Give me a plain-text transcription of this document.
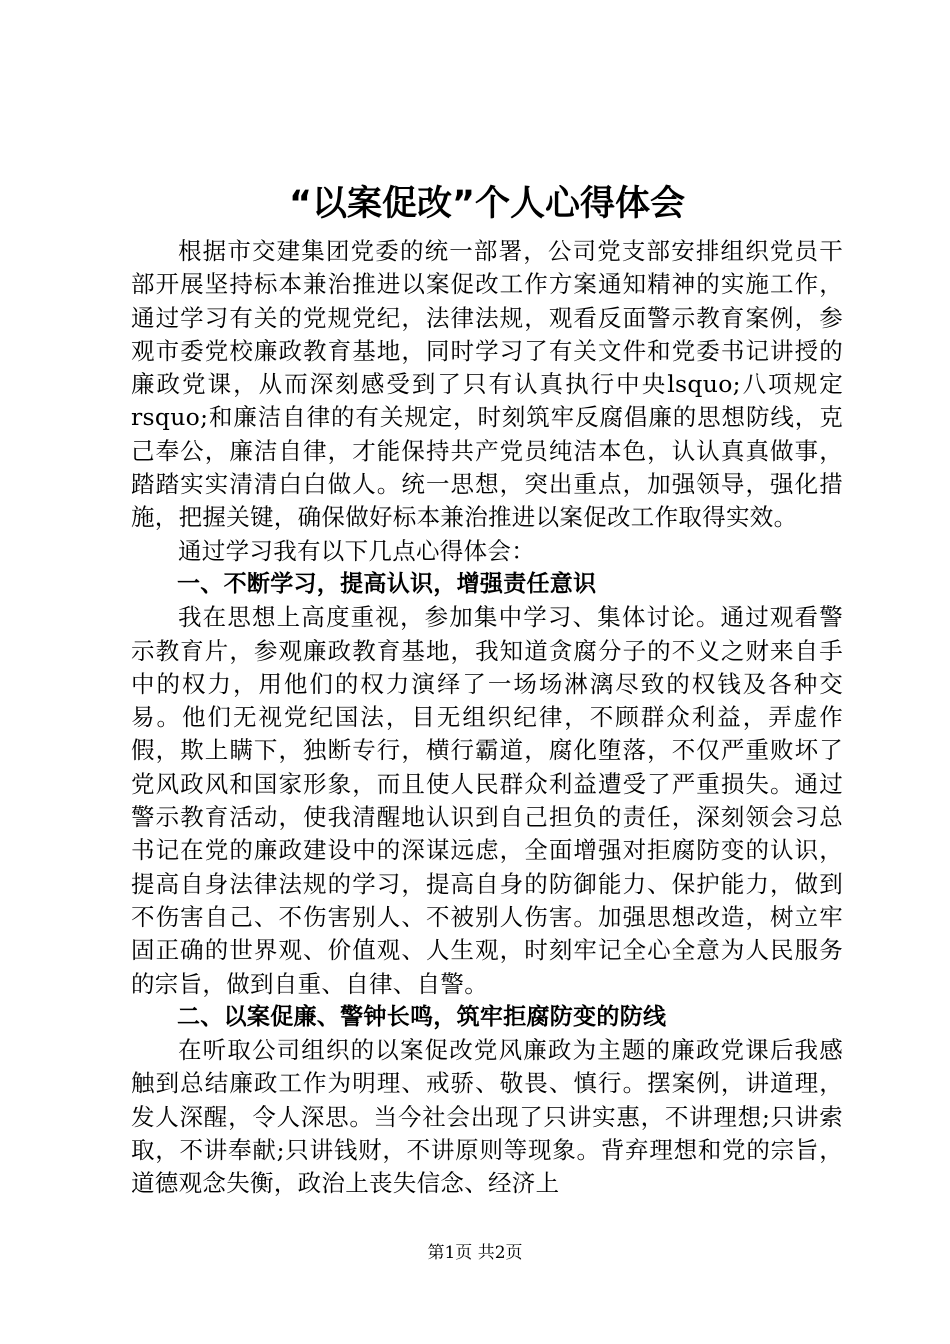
“以案促改”个人心得体会

根据市交建集团党委的统一部署，公司党支部安排组织党员干部开展坚持标本兼治推进以案促改工作方案通知精神的实施工作，通过学习有关的党规党纪，法律法规，观看反面警示教育案例，参观市委党校廉政教育基地，同时学习了有关文件和党委书记讲授的廉政党课，从而深刻感受到了只有认真执行中央lsquo;八项规定rsquo;和廉洁自律的有关规定，时刻筑牢反腐倡廉的思想防线，克己奉公，廉洁自律，才能保持共产党员纯洁本色，认认真真做事，踏踏实实清清白白做人。统一思想，突出重点，加强领导，强化措施，把握关键，确保做好标本兼治推进以案促改工作取得实效。

通过学习我有以下几点心得体会：

一、不断学习，提高认识，增强责任意识

我在思想上高度重视，参加集中学习、集体讨论。通过观看警示教育片，参观廉政教育基地，我知道贪腐分子的不义之财来自手中的权力，用他们的权力演绎了一场场淋漓尽致的权钱及各种交易。他们无视党纪国法，目无组织纪律，不顾群众利益，弄虚作假，欺上瞒下，独断专行，横行霸道，腐化堕落，不仅严重败坏了党风政风和国家形象，而且使人民群众利益遭受了严重损失。通过警示教育活动，使我清醒地认识到自己担负的责任，深刻领会习总书记在党的廉政建设中的深谋远虑，全面增强对拒腐防变的认识，提高自身法律法规的学习，提高自身的防御能力、保护能力，做到不伤害自己、不伤害别人、不被别人伤害。加强思想改造，树立牢固正确的世界观、价值观、人生观，时刻牢记全心全意为人民服务的宗旨，做到自重、自律、自警。

二、以案促廉、警钟长鸣，筑牢拒腐防变的防线

在听取公司组织的以案促改党风廉政为主题的廉政党课后我感触到总结廉政工作为明理、戒骄、敬畏、慎行。摆案例，讲道理，发人深醒，令人深思。当今社会出现了只讲实惠，不讲理想;只讲索取，不讲奉献;只讲钱财，不讲原则等现象。背弃理想和党的宗旨，道德观念失衡，政治上丧失信念、经济上

第1页 共2页
